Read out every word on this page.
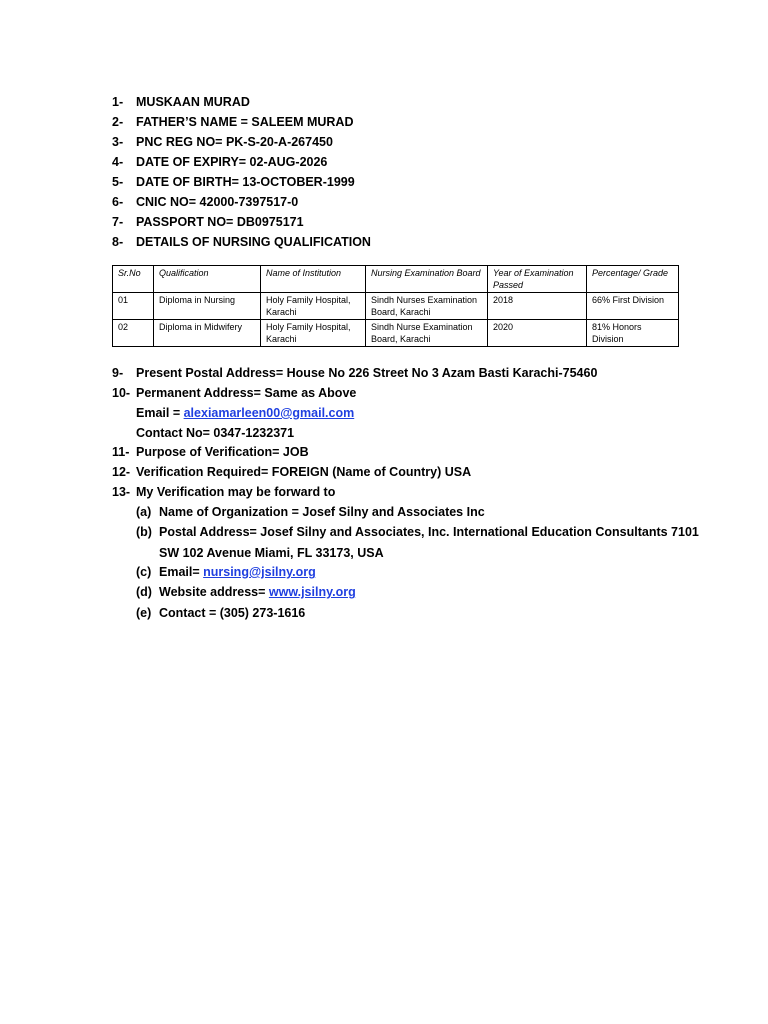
1- MUSKAAN MURAD
2- FATHER’S NAME = SALEEM MURAD
3- PNC REG NO= PK-S-20-A-267450
4- DATE OF EXPIRY= 02-AUG-2026
5- DATE OF BIRTH= 13-OCTOBER-1999
6- CNIC NO= 42000-7397517-0
7- PASSPORT NO= DB0975171
8- DETAILS OF NURSING QUALIFICATION
Sr.No	Qualification	Name of Institution	Nursing Examination Board	Year of Examination Passed	Percentage/ Grade
01	Diploma in Nursing	Holy Family Hospital, Karachi	Sindh Nurses Examination Board, Karachi	2018	66% First Division
02	Diploma in Midwifery	Holy Family Hospital, Karachi	Sindh Nurse Examination Board, Karachi	2020	81% Honors Division
9- Present Postal Address= House No 226 Street No 3 Azam Basti Karachi-75460
10- Permanent Address= Same as Above
Email = alexiamarleen00@gmail.com
Contact No= 0347-1232371
11- Purpose of Verification= JOB
12- Verification Required= FOREIGN (Name of Country) USA
13- My Verification may be forward to
(a) Name of Organization = Josef Silny and Associates Inc
(b) Postal Address= Josef Silny and Associates, Inc. International Education Consultants 7101
SW 102 Avenue Miami, FL 33173, USA
(c) Email= nursing@jsilny.org
(d) Website address= www.jsilny.org
(e) Contact = (305) 273-1616
